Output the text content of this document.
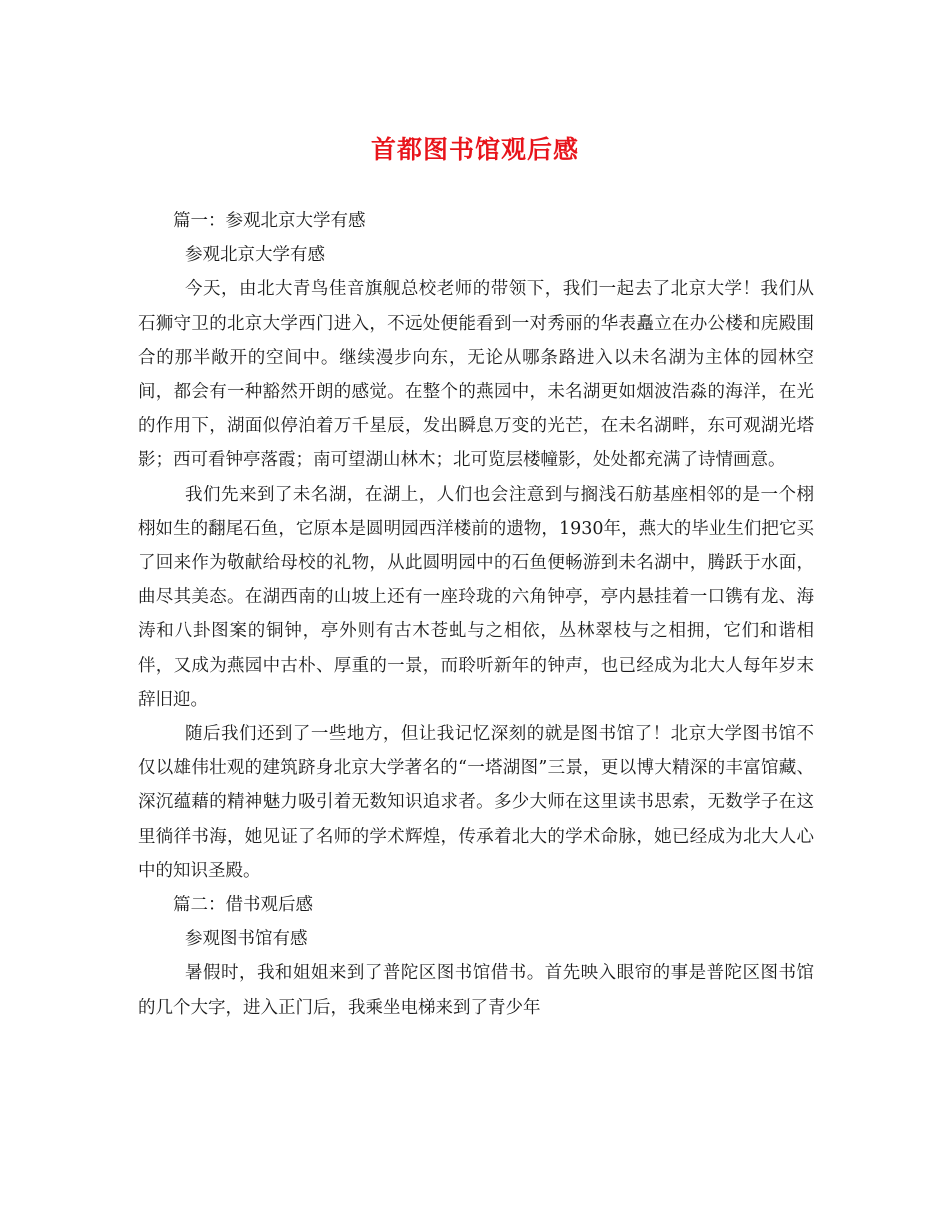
首都图书馆观后感

篇一：参观北京大学有感

参观北京大学有感

今天，由北大青鸟佳音旗舰总校老师的带领下，我们一起去了北京大学！我们从石狮守卫的北京大学西门进入，不远处便能看到一对秀丽的华表矗立在办公楼和庑殿围合的那半敞开的空间中。继续漫步向东，无论从哪条路进入以未名湖为主体的园林空间，都会有一种豁然开朗的感觉。在整个的燕园中，未名湖更如烟波浩淼的海洋，在光的作用下，湖面似停泊着万千星辰，发出瞬息万变的光芒，在未名湖畔，东可观湖光塔影；西可看钟亭落霞；南可望湖山林木；北可览层楼幢影，处处都充满了诗情画意。

我们先来到了未名湖，在湖上，人们也会注意到与搁浅石舫基座相邻的是一个栩栩如生的翻尾石鱼，它原本是圆明园西洋楼前的遗物，1930年，燕大的毕业生们把它买了回来作为敬献给母校的礼物，从此圆明园中的石鱼便畅游到未名湖中，腾跃于水面，曲尽其美态。在湖西南的山坡上还有一座玲珑的六角钟亭，亭内悬挂着一口镌有龙、海涛和八卦图案的铜钟，亭外则有古木苍虬与之相依，丛林翠枝与之相拥，它们和谐相伴，又成为燕园中古朴、厚重的一景，而聆听新年的钟声，也已经成为北大人每年岁末辞旧迎。

随后我们还到了一些地方，但让我记忆深刻的就是图书馆了！北京大学图书馆不仅以雄伟壮观的建筑跻身北京大学著名的“一塔湖图”三景，更以博大精深的丰富馆藏、深沉蕴藉的精神魅力吸引着无数知识追求者。多少大师在这里读书思索，无数学子在这里徜徉书海，她见证了名师的学术辉煌，传承着北大的学术命脉，她已经成为北大人心中的知识圣殿。

篇二：借书观后感

参观图书馆有感

暑假时，我和姐姐来到了普陀区图书馆借书。首先映入眼帘的事是普陀区图书馆的几个大字，进入正门后，我乘坐电梯来到了青少年
